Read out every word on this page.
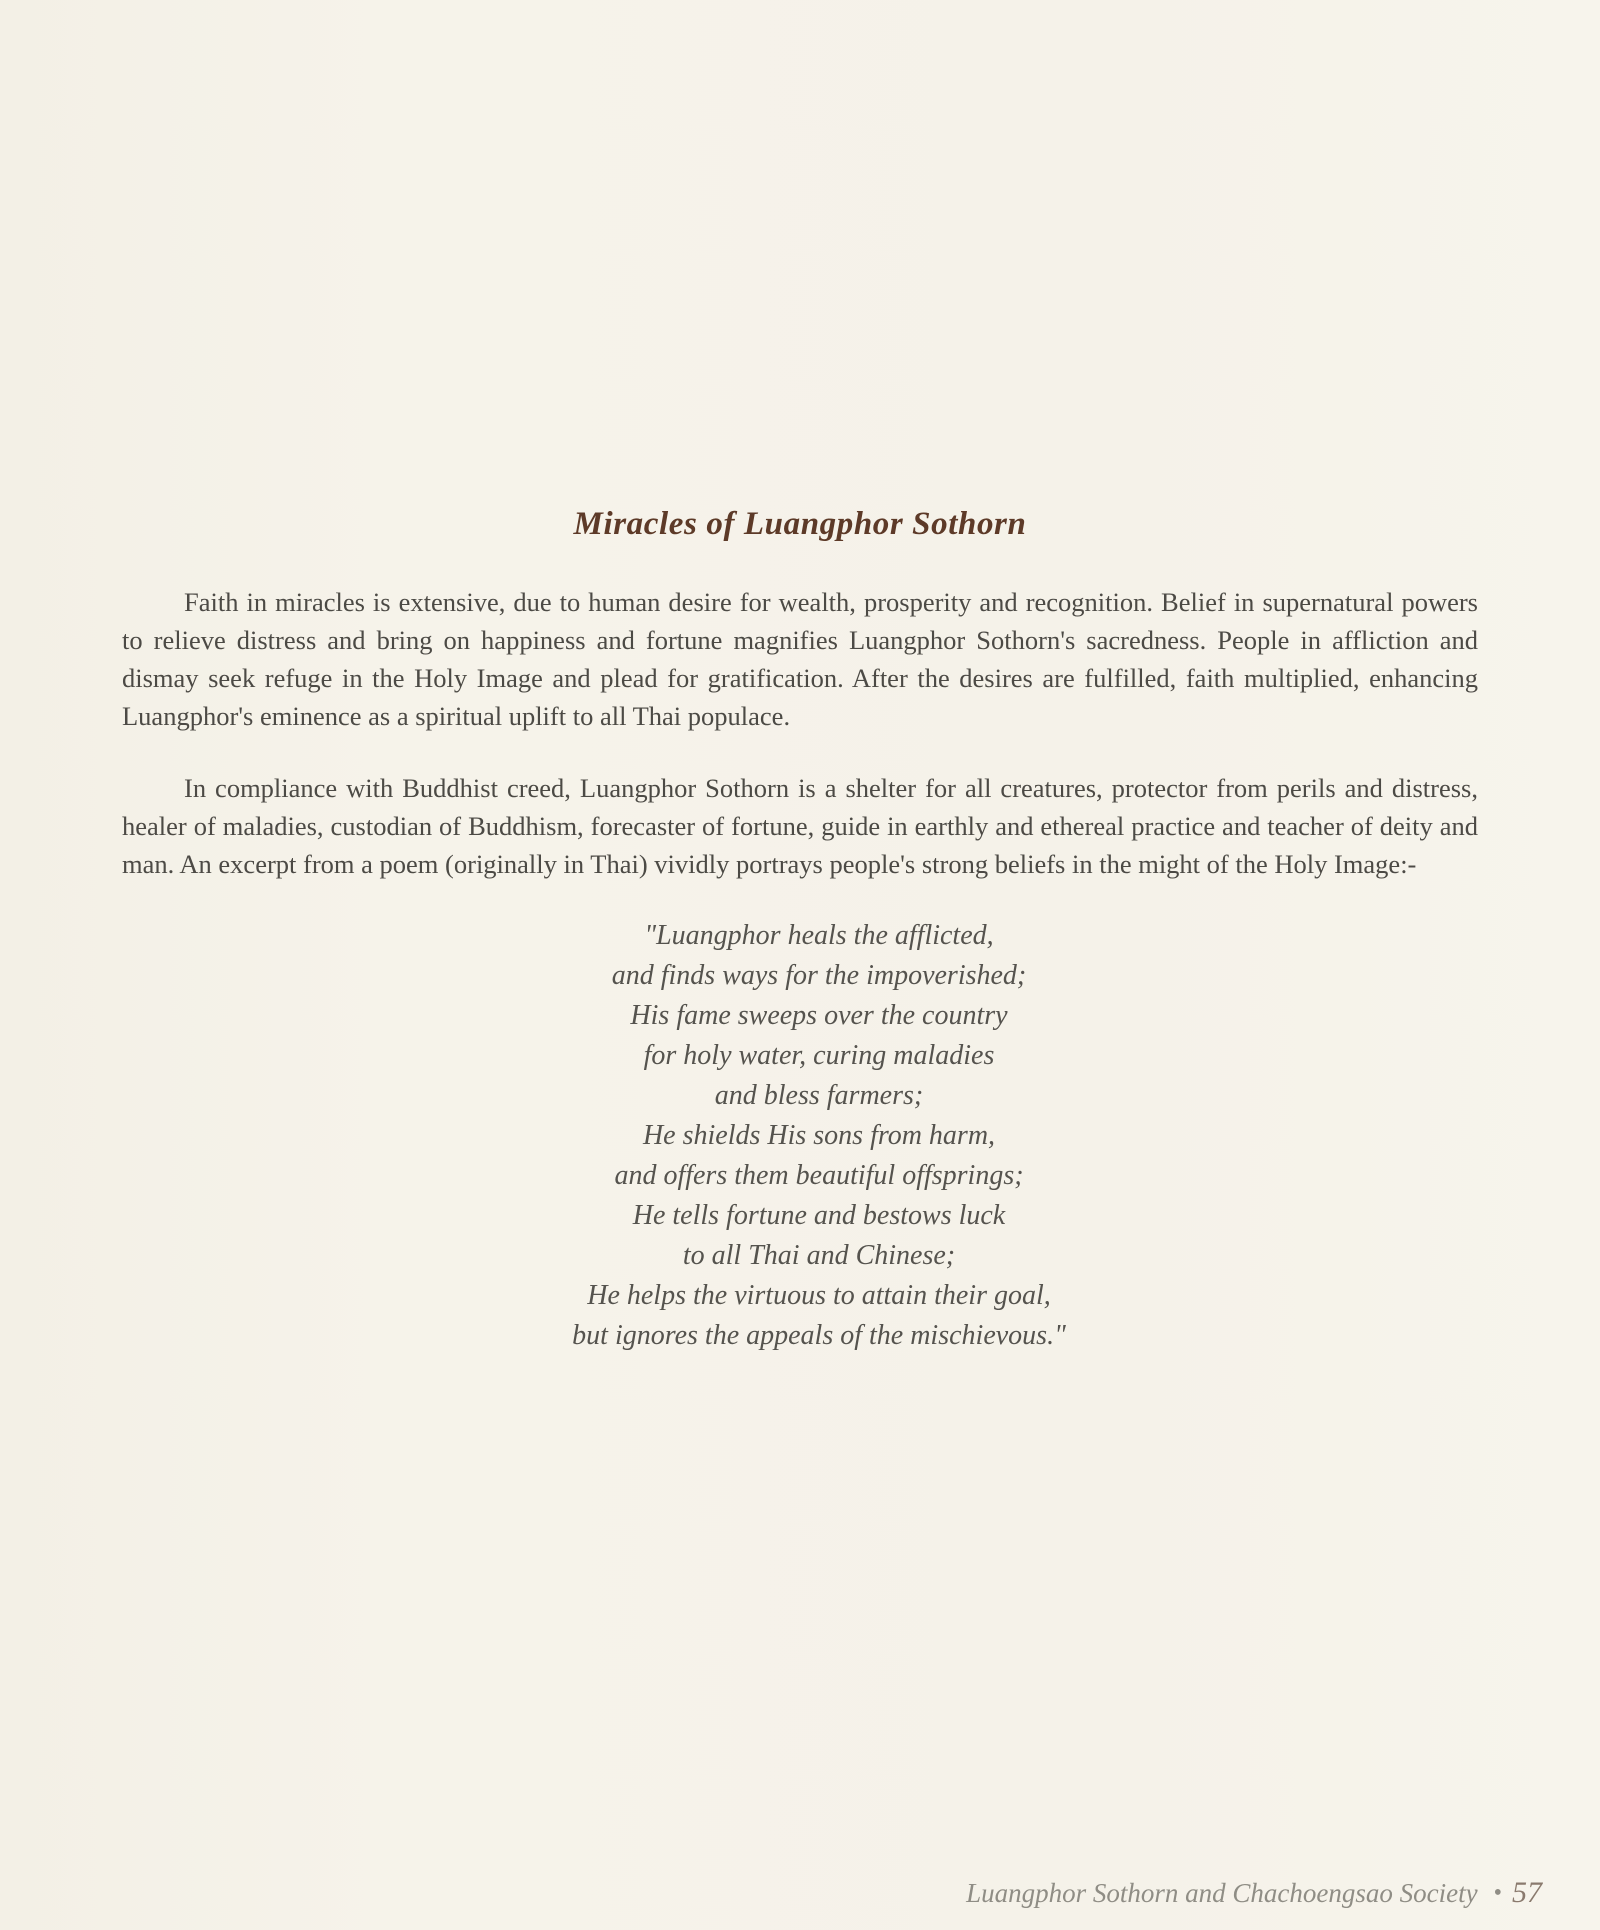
Miracles of Luangphor Sothorn

Faith in miracles is extensive, due to human desire for wealth, prosperity and recognition. Belief in supernatural powers to relieve distress and bring on happiness and fortune magnifies Luangphor Sothorn's sacredness. People in affliction and dismay seek refuge in the Holy Image and plead for gratification. After the desires are fulfilled, faith multiplied, enhancing Luangphor's eminence as a spiritual uplift to all Thai populace.

In compliance with Buddhist creed, Luangphor Sothorn is a shelter for all creatures, protector from perils and distress, healer of maladies, custodian of Buddhism, forecaster of fortune, guide in earthly and ethereal practice and teacher of deity and man. An excerpt from a poem (originally in Thai) vividly portrays people's strong beliefs in the might of the Holy Image:-

"Luangphor heals the afflicted,
and finds ways for the impoverished;
His fame sweeps over the country
for holy water, curing maladies
and bless farmers;
He shields His sons from harm,
and offers them beautiful offsprings;
He tells fortune and bestows luck
to all Thai and Chinese;
He helps the virtuous to attain their goal,
but ignores the appeals of the mischievous."
Luangphor Sothorn and Chachoengsao Society • 57
